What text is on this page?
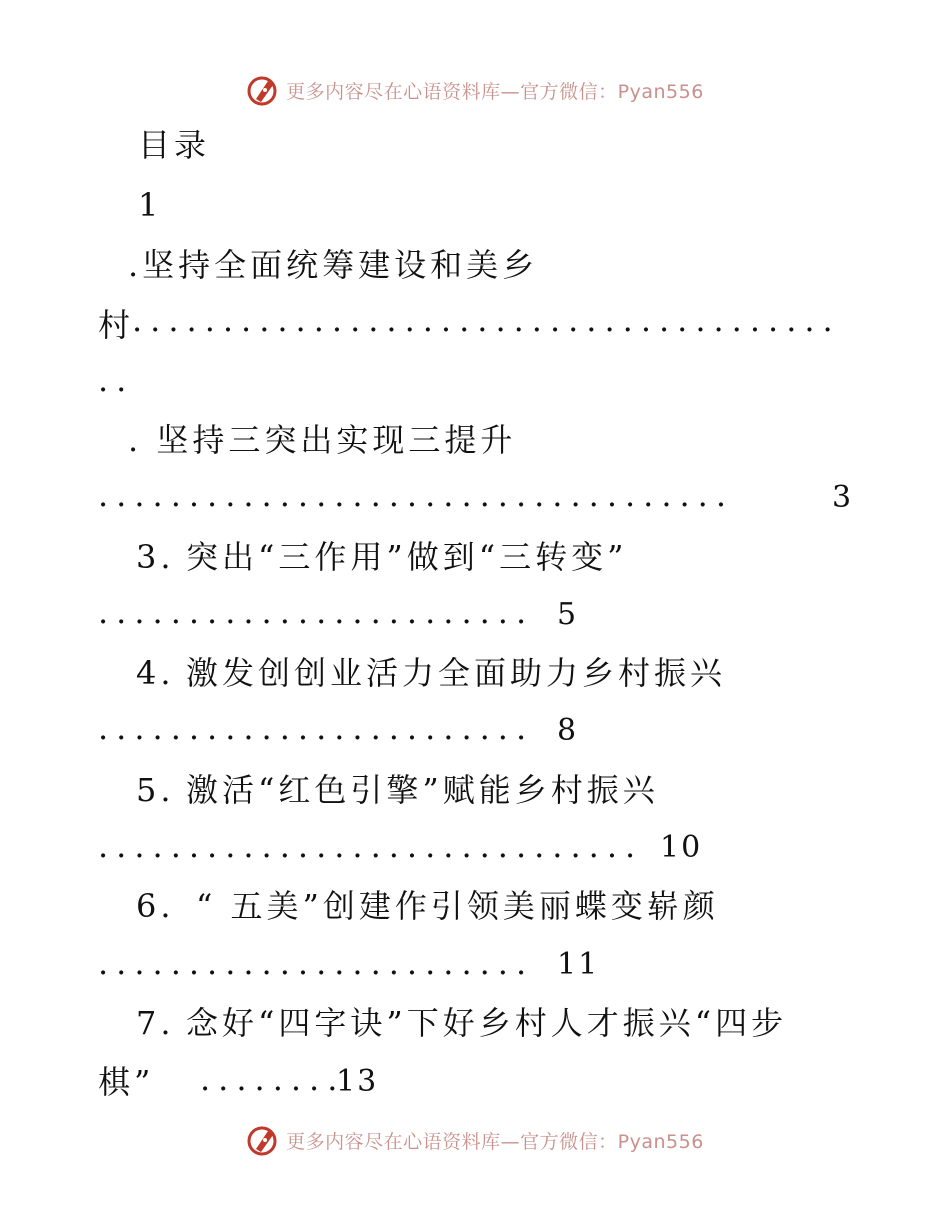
更多内容尽在心语资料库—官方微信：Pyan556
目录
1
.坚持全面统筹建设和美乡
村
.......................................
..
. 坚持三突出实现三提升
...................................	3
3. 突出“三作用”做到“三转变”
........................ 5
4. 激发创创业活力全面助力乡村振兴
........................ 8
5. 激活“红色引擎”赋能乡村振兴
.............................. 10
6. “ 五美”创建作引领美丽蝶变崭颜
........................ 11
7. 念好“四字诀”下好乡村人才振兴“四步
棋” ........
13
更多内容尽在心语资料库—官方微信：Pyan556
